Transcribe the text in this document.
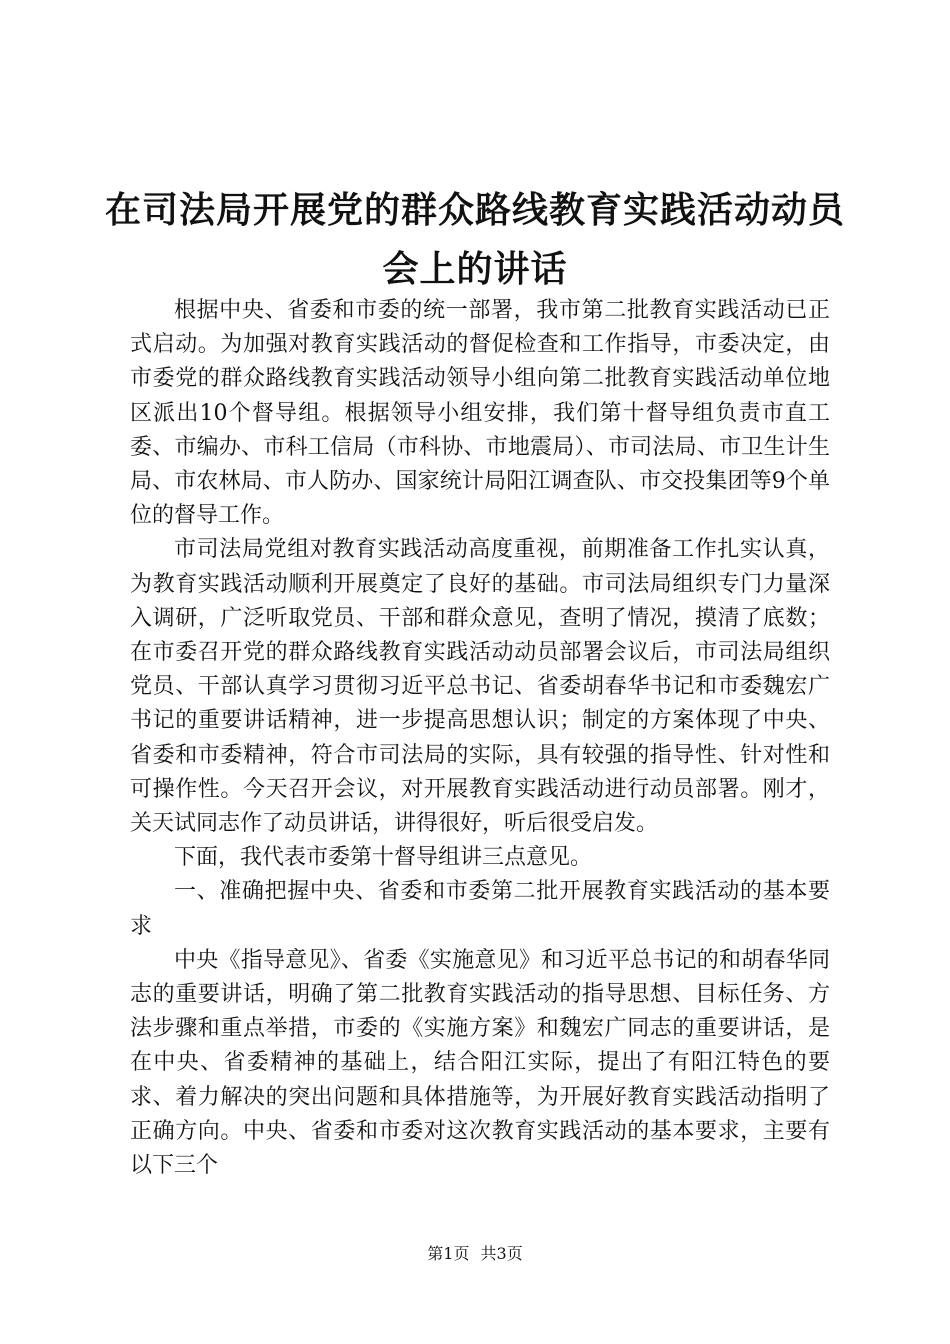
在司法局开展党的群众路线教育实践活动动员
会上的讲话

根据中央、省委和市委的统一部署，我市第二批教育实践活动已正式启动。为加强对教育实践活动的督促检查和工作指导，市委决定，由市委党的群众路线教育实践活动领导小组向第二批教育实践活动单位地区派出10个督导组。根据领导小组安排，我们第十督导组负责市直工委、市编办、市科工信局（市科协、市地震局）、市司法局、市卫生计生局、市农林局、市人防办、国家统计局阳江调查队、市交投集团等9个单位的督导工作。

市司法局党组对教育实践活动高度重视，前期准备工作扎实认真，为教育实践活动顺利开展奠定了良好的基础。市司法局组织专门力量深入调研，广泛听取党员、干部和群众意见，查明了情况，摸清了底数；在市委召开党的群众路线教育实践活动动员部署会议后，市司法局组织党员、干部认真学习贯彻习近平总书记、省委胡春华书记和市委魏宏广书记的重要讲话精神，进一步提高思想认识；制定的方案体现了中央、省委和市委精神，符合市司法局的实际，具有较强的指导性、针对性和可操作性。今天召开会议，对开展教育实践活动进行动员部署。刚才，关天试同志作了动员讲话，讲得很好，听后很受启发。

下面，我代表市委第十督导组讲三点意见。

一、准确把握中央、省委和市委第二批开展教育实践活动的基本要求

中央《指导意见》、省委《实施意见》和习近平总书记的和胡春华同志的重要讲话，明确了第二批教育实践活动的指导思想、目标任务、方法步骤和重点举措，市委的《实施方案》和魏宏广同志的重要讲话，是在中央、省委精神的基础上，结合阳江实际，提出了有阳江特色的要求、着力解决的突出问题和具体措施等，为开展好教育实践活动指明了正确方向。中央、省委和市委对这次教育实践活动的基本要求，主要有以下三个

第1页 共3页
